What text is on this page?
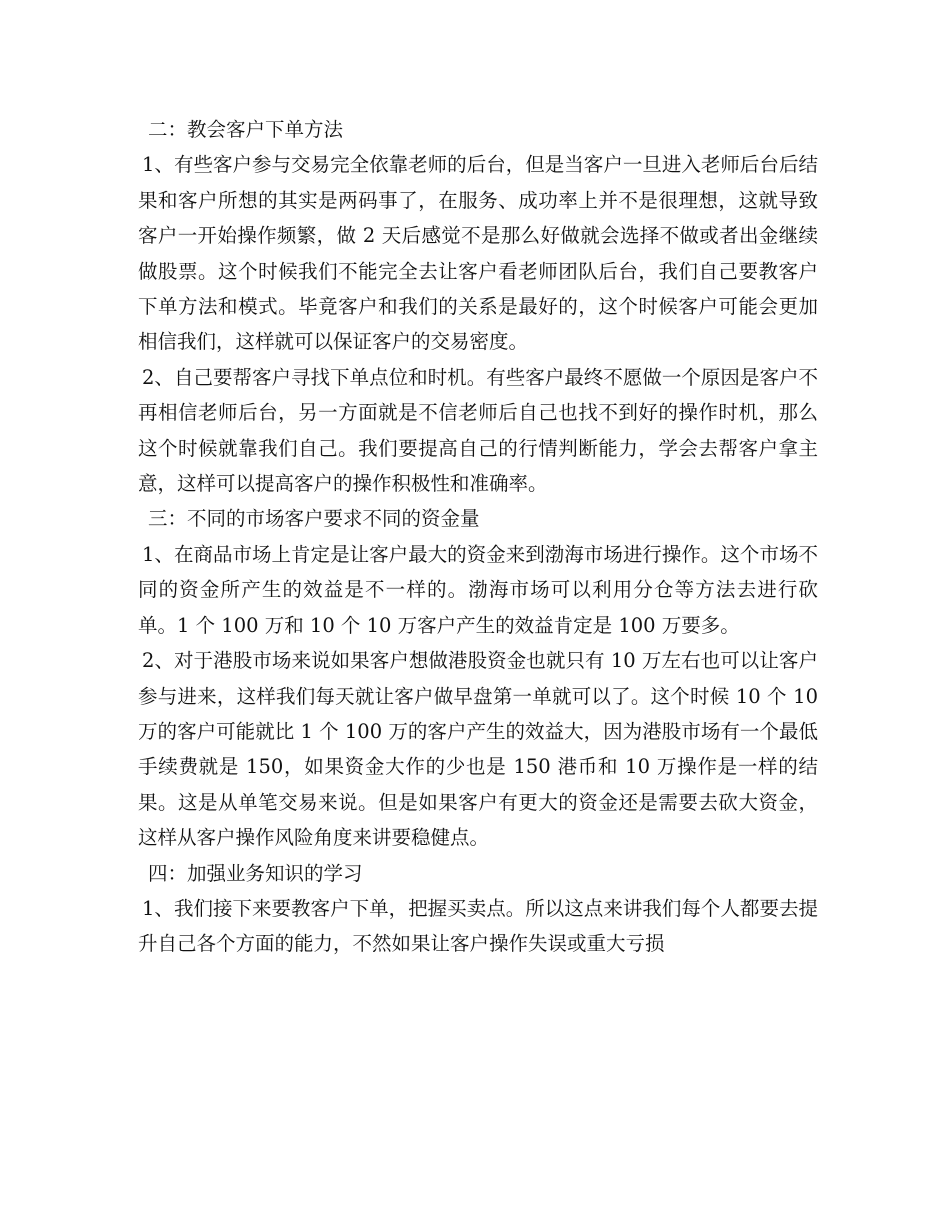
二：教会客户下单方法

1、有些客户参与交易完全依靠老师的后台，但是当客户一旦进入老师后台后结果和客户所想的其实是两码事了，在服务、成功率上并不是很理想，这就导致客户一开始操作频繁，做 2 天后感觉不是那么好做就会选择不做或者出金继续做股票。这个时候我们不能完全去让客户看老师团队后台，我们自己要教客户下单方法和模式。毕竟客户和我们的关系是最好的，这个时候客户可能会更加相信我们，这样就可以保证客户的交易密度。

2、自己要帮客户寻找下单点位和时机。有些客户最终不愿做一个原因是客户不再相信老师后台，另一方面就是不信老师后自己也找不到好的操作时机，那么这个时候就靠我们自己。我们要提高自己的行情判断能力，学会去帮客户拿主意，这样可以提高客户的操作积极性和准确率。

三：不同的市场客户要求不同的资金量

1、在商品市场上肯定是让客户最大的资金来到渤海市场进行操作。这个市场不同的资金所产生的效益是不一样的。渤海市场可以利用分仓等方法去进行砍单。1 个 100 万和 10 个 10 万客户产生的效益肯定是 100 万要多。

2、对于港股市场来说如果客户想做港股资金也就只有 10 万左右也可以让客户参与进来，这样我们每天就让客户做早盘第一单就可以了。这个时候 10 个 10 万的客户可能就比 1 个 100 万的客户产生的效益大，因为港股市场有一个最低手续费就是 150，如果资金大作的少也是 150 港币和 10 万操作是一样的结果。这是从单笔交易来说。但是如果客户有更大的资金还是需要去砍大资金，这样从客户操作风险角度来讲要稳健点。

四：加强业务知识的学习

1、我们接下来要教客户下单，把握买卖点。所以这点来讲我们每个人都要去提升自己各个方面的能力，不然如果让客户操作失误或重大亏损
